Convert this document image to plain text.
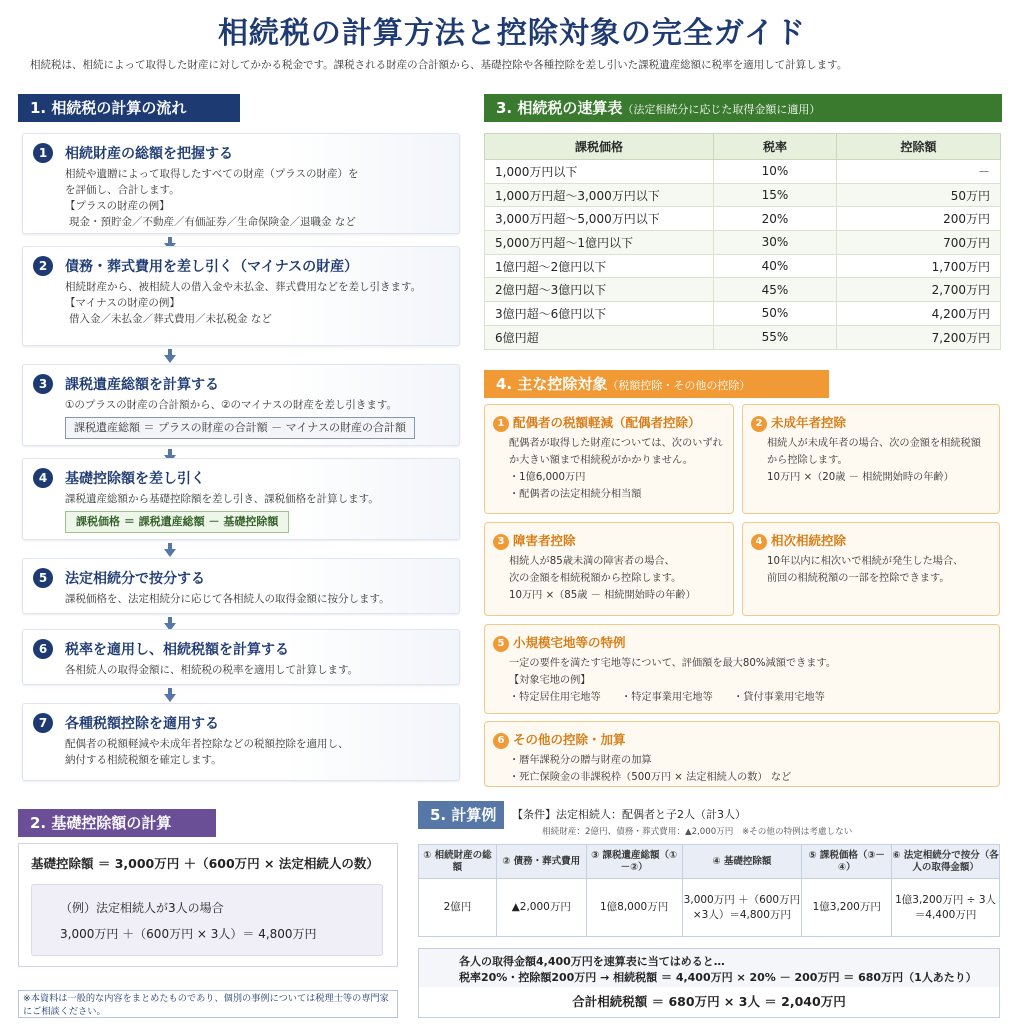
相続税の計算方法と控除対象の完全ガイド
相続税は、相続によって取得した財産に対してかかる税金です。課税される財産の合計額から、基礎控除や各種控除を差し引いた課税遺産総額に税率を適用して計算します。
1. 相続税の計算の流れ
1	相続財産の総額を把握する
相続や遺贈によって取得したすべての財産（プラスの財産）を
を評価し、合計します。
【プラスの財産の例】
現金・預貯金／不動産／有価証券／生命保険金／退職金 など
2	債務・葬式費用を差し引く（マイナスの財産）
相続財産から、被相続人の借入金や未払金、葬式費用などを差し引きます。
【マイナスの財産の例】
借入金／未払金／葬式費用／未払税金 など
3	課税遺産総額を計算する
①のプラスの財産の合計額から、②のマイナスの財産を差し引きます。
課税遺産総額 ＝ プラスの財産の合計額 － マイナスの財産の合計額
4	基礎控除額を差し引く
課税遺産総額から基礎控除額を差し引き、課税価格を計算します。
課税価格 ＝ 課税遺産総額 － 基礎控除額
5	法定相続分で按分する
課税価格を、法定相続分に応じて各相続人の取得金額に按分します。
6	税率を適用し、相続税額を計算する
各相続人の取得金額に、相続税の税率を適用して計算します。
7	各種税額控除を適用する
配偶者の税額軽減や未成年者控除などの税額控除を適用し、
納付する相続税額を確定します。
3. 相続税の速算表（法定相続分に応じた取得金額に適用）
課税価格	税率	控除額
1,000万円以下	10%	－
1,000万円超～3,000万円以下	15%	50万円
3,000万円超～5,000万円以下	20%	200万円
5,000万円超～1億円以下	30%	700万円
1億円超～2億円以下	40%	1,700万円
2億円超～3億円以下	45%	2,700万円
3億円超～6億円以下	50%	4,200万円
6億円超	55%	7,200万円
4. 主な控除対象（税額控除・その他の控除）
1 配偶者の税額軽減（配偶者控除）
配偶者が取得した財産については、次のいずれ
か大きい額まで相続税がかかりません。
・1億6,000万円
・配偶者の法定相続分相当額
2 未成年者控除
相続人が未成年者の場合、次の金額を相続税額
から控除します。
10万円 ×（20歳 － 相続開始時の年齢）
3 障害者控除
相続人が85歳未満の障害者の場合、
次の金額を相続税額から控除します。
10万円 ×（85歳 － 相続開始時の年齢）
4 相次相続控除
10年以内に相次いで相続が発生した場合、
前回の相続税額の一部を控除できます。
5 小規模宅地等の特例
一定の要件を満たす宅地等について、評価額を最大80%減額できます。
【対象宅地の例】
・特定居住用宅地等　　・特定事業用宅地等　　・貸付事業用宅地等
6 その他の控除・加算
・暦年課税分の贈与財産の加算
・死亡保険金の非課税枠（500万円 × 法定相続人の数） など
2. 基礎控除額の計算
基礎控除額 ＝ 3,000万円 ＋（600万円 × 法定相続人の数）
（例）法定相続人が3人の場合
3,000万円 ＋（600万円 × 3人）＝ 4,800万円
※本資料は一般的な内容をまとめたものであり、個別の事例については税理士等の専門家にご相談ください。
5. 計算例	【条件】法定相続人：配偶者と子2人（計3人）
相続財産：2億円、債務・葬式費用：▲2,000万円　※その他の特例は考慮しない
① 相続財産の総額	② 債務・葬式費用	③ 課税遺産総額（①－②）	④ 基礎控除額	⑤ 課税価格（③－④）	⑥ 法定相続分で按分（各人の取得金額）
2億円	▲2,000万円	1億8,000万円	3,000万円 ＋（600万円×3人）＝4,800万円	1億3,200万円	1億3,200万円 ÷ 3人 ＝4,400万円
各人の取得金額4,400万円を速算表に当てはめると…
税率20%・控除額200万円 → 相続税額 ＝ 4,400万円 × 20% － 200万円 ＝ 680万円（1人あたり）
合計相続税額 ＝ 680万円 × 3人 ＝ 2,040万円
